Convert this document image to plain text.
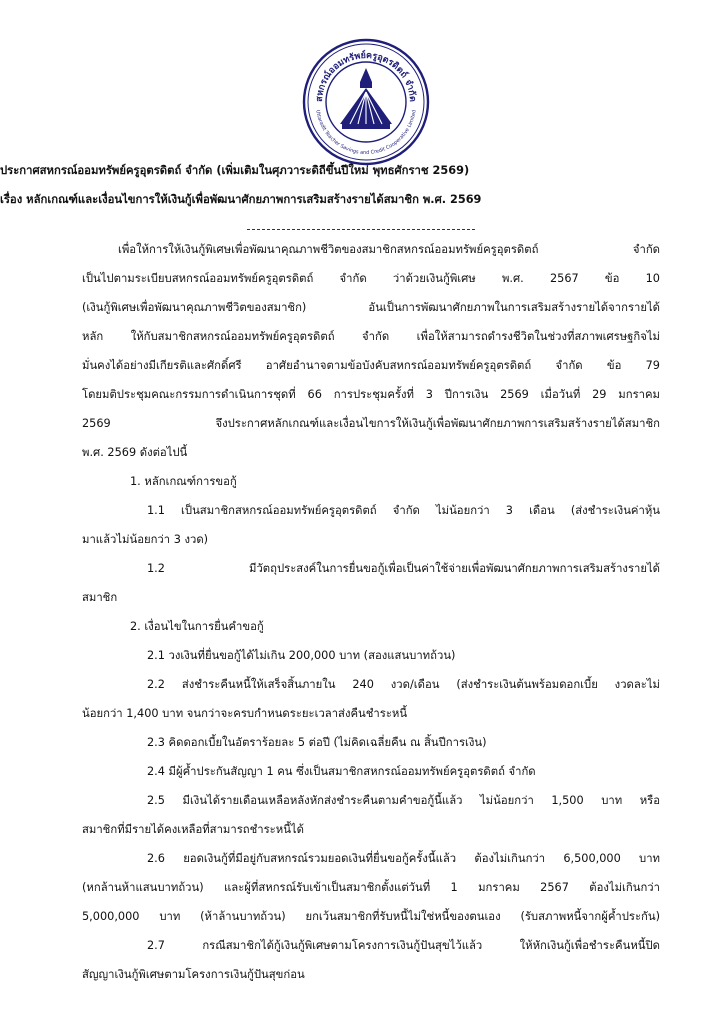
สหกรณ์ออมทรัพย์ครูอุตรดิตถ์ จำกัด
Uttaradit Teacher Savings and Credit Cooperative Limited
ประกาศสหกรณ์ออมทรัพย์ครูอุตรดิตถ์ จำกัด (เพิ่มเติมในศุภวาระดิถีขึ้นปีใหม่ พุทธศักราช 2569)
เรื่อง หลักเกณฑ์และเงื่อนไขการให้เงินกู้เพื่อพัฒนาศักยภาพการเสริมสร้างรายได้สมาชิก พ.ศ. 2569
เพื่อให้การให้เงินกู้พิเศษเพื่อพัฒนาคุณภาพชีวิตของสมาชิกสหกรณ์ออมทรัพย์ครูอุตรดิตถ์ จำกัด
เป็นไปตามระเบียบสหกรณ์ออมทรัพย์ครูอุตรดิตถ์ จำกัด ว่าด้วยเงินกู้พิเศษ พ.ศ. 2567 ข้อ 10
(เงินกู้พิเศษเพื่อพัฒนาคุณภาพชีวิตของสมาชิก) อันเป็นการพัฒนาศักยภาพในการเสริมสร้างรายได้จากรายได้
หลัก ให้กับสมาชิกสหกรณ์ออมทรัพย์ครูอุตรดิตถ์ จำกัด เพื่อให้สามารถดำรงชีวิตในช่วงที่สภาพเศรษฐกิจไม่
มั่นคงได้อย่างมีเกียรติและศักดิ์ศรี อาศัยอำนาจตามข้อบังคับสหกรณ์ออมทรัพย์ครูอุตรดิตถ์ จำกัด ข้อ 79
โดยมติประชุมคณะกรรมการดำเนินการชุดที่ 66 การประชุมครั้งที่ 3 ปีการเงิน 2569 เมื่อวันที่ 29 มกราคม
2569 จึงประกาศหลักเกณฑ์และเงื่อนไขการให้เงินกู้เพื่อพัฒนาศักยภาพการเสริมสร้างรายได้สมาชิก
พ.ศ. 2569 ดังต่อไปนี้
1. หลักเกณฑ์การขอกู้
1.1 เป็นสมาชิกสหกรณ์ออมทรัพย์ครูอุตรดิตถ์ จำกัด ไม่น้อยกว่า 3 เดือน (ส่งชำระเงินค่าหุ้น
มาแล้วไม่น้อยกว่า 3 งวด)
1.2 มีวัตถุประสงค์ในการยื่นขอกู้เพื่อเป็นค่าใช้จ่ายเพื่อพัฒนาศักยภาพการเสริมสร้างรายได้
สมาชิก
2. เงื่อนไขในการยื่นคำขอกู้
2.1 วงเงินที่ยื่นขอกู้ได้ไม่เกิน 200,000 บาท (สองแสนบาทถ้วน)
2.2 ส่งชำระคืนหนี้ให้เสร็จสิ้นภายใน 240 งวด/เดือน (ส่งชำระเงินต้นพร้อมดอกเบี้ย งวดละไม่
น้อยกว่า 1,400 บาท จนกว่าจะครบกำหนดระยะเวลาส่งคืนชำระหนี้
2.3 คิดดอกเบี้ยในอัตราร้อยละ 5 ต่อปี (ไม่คิดเฉลี่ยคืน ณ สิ้นปีการเงิน)
2.4 มีผู้ค้ำประกันสัญญา 1 คน ซึ่งเป็นสมาชิกสหกรณ์ออมทรัพย์ครูอุตรดิตถ์ จำกัด
2.5 มีเงินได้รายเดือนเหลือหลังหักส่งชำระคืนตามคำขอกู้นี้แล้ว ไม่น้อยกว่า 1,500 บาท หรือ
สมาชิกที่มีรายได้คงเหลือที่สามารถชำระหนี้ได้
2.6 ยอดเงินกู้ที่มีอยู่กับสหกรณ์รวมยอดเงินที่ยื่นขอกู้ครั้งนี้แล้ว ต้องไม่เกินกว่า 6,500,000 บาท
(หกล้านห้าแสนบาทถ้วน) และผู้ที่สหกรณ์รับเข้าเป็นสมาชิกตั้งแต่วันที่ 1 มกราคม 2567 ต้องไม่เกินกว่า
5,000,000 บาท (ห้าล้านบาทถ้วน) ยกเว้นสมาชิกที่รับหนี้ไม่ใช่หนี้ของตนเอง (รับสภาพหนี้จากผู้ค้ำประกัน)
2.7 กรณีสมาชิกได้กู้เงินกู้พิเศษตามโครงการเงินกู้ปันสุขไว้แล้ว ให้หักเงินกู้เพื่อชำระคืนหนี้ปิด
สัญญาเงินกู้พิเศษตามโครงการเงินกู้ปันสุขก่อน
